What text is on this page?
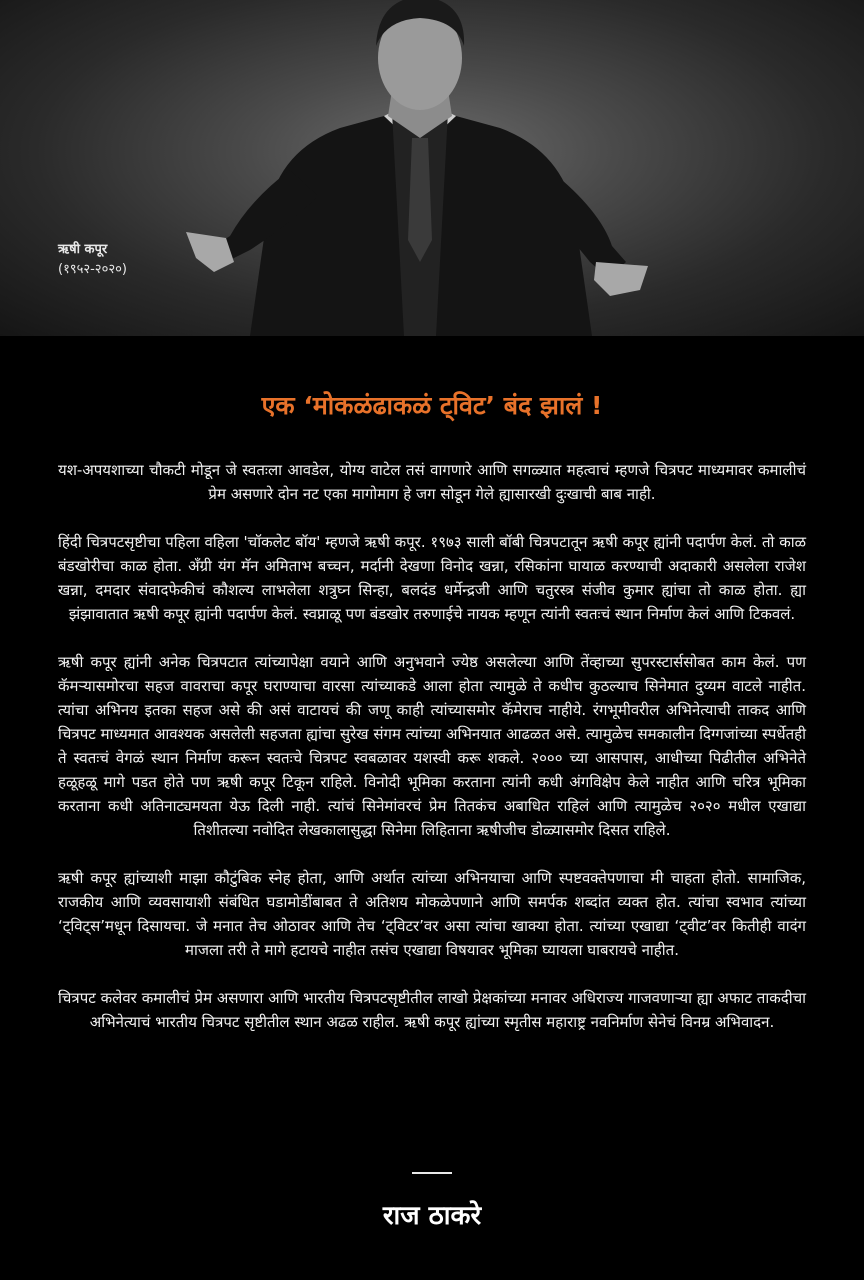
ऋषी कपूर
(१९५२-२०२०)
एक ‘मोकळंढाकळं ट्विट’ बंद झालं !

यश-अपयशाच्या चौकटी मोडून जे स्वतःला आवडेल, योग्य वाटेल तसं वागणारे आणि सगळ्यात महत्वाचं म्हणजे चित्रपट माध्यमावर कमालीचं प्रेम असणारे दोन नट एका मागोमाग हे जग सोडून गेले ह्यासारखी दुःखाची बाब नाही.

हिंदी चित्रपटसृष्टीचा पहिला वहिला 'चॉकलेट बॉय' म्हणजे ऋषी कपूर. १९७३ साली बॉबी चित्रपटातून ऋषी कपूर ह्यांनी पदार्पण केलं. तो काळ बंडखोरीचा काळ होता. अँग्री यंग मॅन अमिताभ बच्चन, मर्दानी देखणा विनोद खन्ना, रसिकांना घायाळ करण्याची अदाकारी असलेला राजेश खन्ना, दमदार संवादफेकीचं कौशल्य लाभलेला शत्रुघ्न सिन्हा, बलदंड धर्मेन्द्रजी आणि चतुरस्त्र संजीव कुमार ह्यांचा तो काळ होता. ह्या झंझावातात ऋषी कपूर ह्यांनी पदार्पण केलं. स्वप्नाळू पण बंडखोर तरुणाईचे नायक म्हणून त्यांनी स्वतःचं स्थान निर्माण केलं आणि टिकवलं.

ऋषी कपूर ह्यांनी अनेक चित्रपटात त्यांच्यापेक्षा वयाने आणि अनुभवाने ज्येष्ठ असलेल्या आणि तेंव्हाच्या सुपरस्टार्ससोबत काम केलं. पण कॅमऱ्यासमोरचा सहज वावराचा कपूर घराण्याचा वारसा त्यांच्याकडे आला होता त्यामुळे ते कधीच कुठल्याच सिनेमात दुय्यम वाटले नाहीत. त्यांचा अभिनय इतका सहज असे की असं वाटायचं की जणू काही त्यांच्यासमोर कॅमेराच नाहीये. रंगभूमीवरील अभिनेत्याची ताकद आणि चित्रपट माध्यमात आवश्यक असलेली सहजता ह्यांचा सुरेख संगम त्यांच्या अभिनयात आढळत असे. त्यामुळेच समकालीन दिग्गजांच्या स्पर्धेतही ते स्वतःचं वेगळं स्थान निर्माण करून स्वतःचे चित्रपट स्वबळावर यशस्वी करू शकले. २००० च्या आसपास, आधीच्या पिढीतील अभिनेते हळूहळू मागे पडत होते पण ऋषी कपूर टिकून राहिले. विनोदी भूमिका करताना त्यांनी कधी अंगविक्षेप केले नाहीत आणि चरित्र भूमिका करताना कधी अतिनाट्यमयता येऊ दिली नाही. त्यांचं सिनेमांवरचं प्रेम तितकंच अबाधित राहिलं आणि त्यामुळेच २०२० मधील एखाद्या तिशीतल्या नवोदित लेखकालासुद्धा सिनेमा लिहिताना ऋषीजीच डोळ्यासमोर दिसत राहिले.

ऋषी कपूर ह्यांच्याशी माझा कौटुंबिक स्नेह होता, आणि अर्थात त्यांच्या अभिनयाचा आणि स्पष्टवक्तेपणाचा मी चाहता होतो. सामाजिक, राजकीय आणि व्यवसायाशी संबंधित घडामोडींबाबत ते अतिशय मोकळेपणाने आणि समर्पक शब्दांत व्यक्त होत. त्यांचा स्वभाव त्यांच्या ‘ट्विट्स’मधून दिसायचा. जे मनात तेच ओठावर आणि तेच ‘ट्विटर’वर असा त्यांचा खाक्या होता. त्यांच्या एखाद्या ‘ट्वीट’वर कितीही वादंग माजला तरी ते मागे हटायचे नाहीत तसंच एखाद्या विषयावर भूमिका घ्यायला घाबरायचे नाहीत.

चित्रपट कलेवर कमालीचं प्रेम असणारा आणि भारतीय चित्रपटसृष्टीतील लाखो प्रेक्षकांच्या मनावर अधिराज्य गाजवणाऱ्या ह्या अफाट ताकदीचा अभिनेत्याचं भारतीय चित्रपट सृष्टीतील स्थान अढळ राहील. ऋषी कपूर ह्यांच्या स्मृतीस महाराष्ट्र नवनिर्माण सेनेचं विनम्र अभिवादन.

राज ठाकरे
